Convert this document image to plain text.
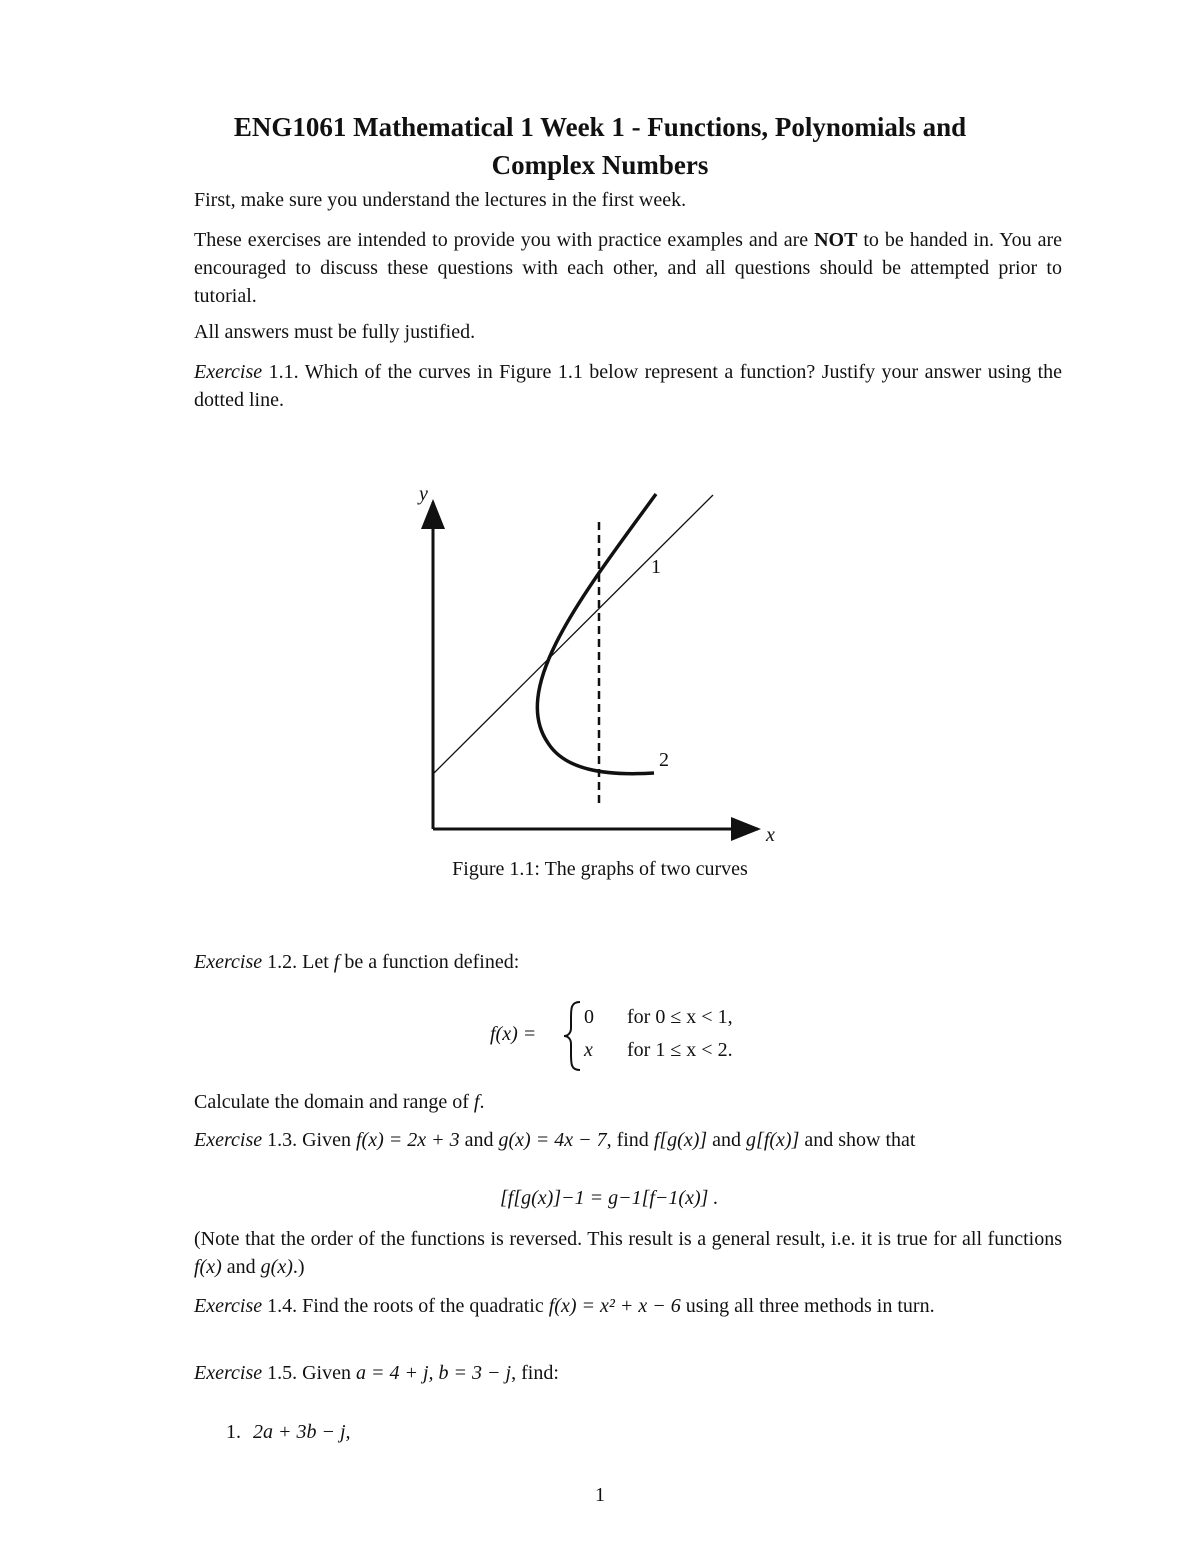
ENG1061 Mathematical 1 Week 1 - Functions, Polynomials and
Complex Numbers
First, make sure you understand the lectures in the first week.
These exercises are intended to provide you with practice examples and are NOT to be handed in. You are encouraged to discuss these questions with each other, and all questions should be attempted prior to tutorial.
All answers must be fully justified.
Exercise 1.1. Which of the curves in Figure 1.1 below represent a function? Justify your answer using the dotted line.
y
x
1
2
Figure 1.1: The graphs of two curves
Exercise 1.2. Let f be a function defined:
f(x) =
0 for 0 ≤ x < 1,
x for 1 ≤ x < 2.
Calculate the domain and range of f.
Exercise 1.3. Given f(x) = 2x + 3 and g(x) = 4x − 7, find f[g(x)] and g[f(x)] and show that
[f[g(x)]−1 = g−1[f−1(x)] .
(Note that the order of the functions is reversed. This result is a general result, i.e. it is true for all functions f(x) and g(x).)
Exercise 1.4. Find the roots of the quadratic f(x) = x² + x − 6 using all three methods in turn.
Exercise 1.5. Given a = 4 + j, b = 3 − j, find:
1. 2a + 3b − j,
1
